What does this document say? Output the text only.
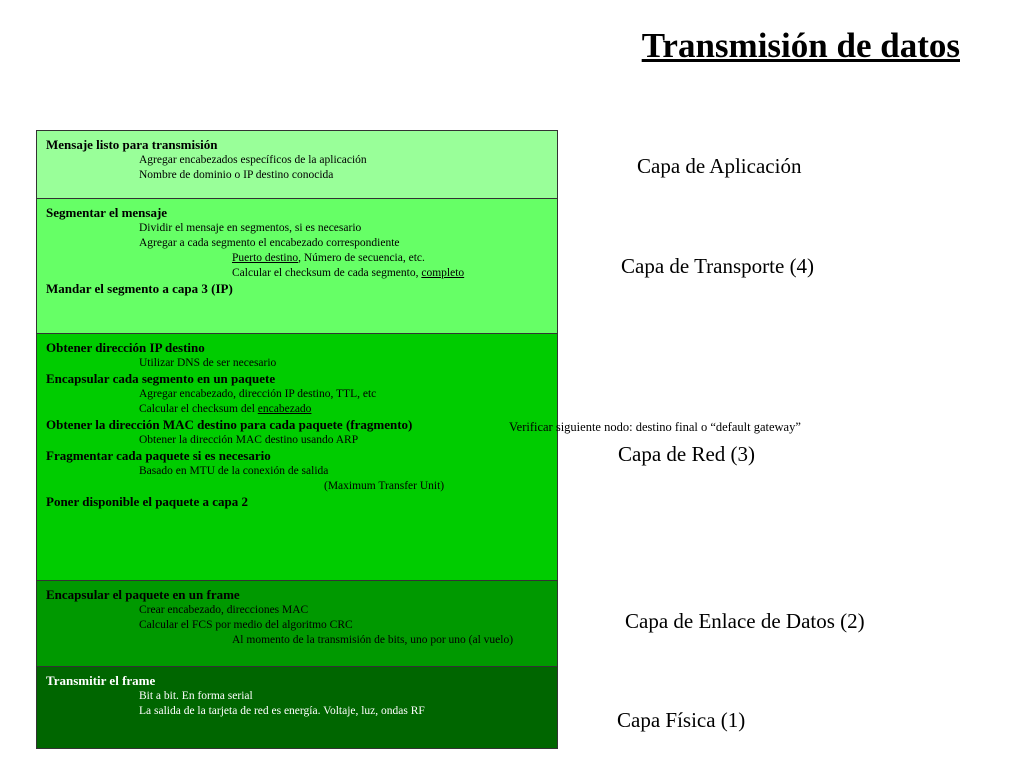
Transmisión de datos
Mensaje listo para transmisión
Agregar encabezados específicos de la aplicación
Nombre de dominio o IP destino conocida
Segmentar el mensaje
Dividir el mensaje en segmentos, si es necesario
Agregar a cada segmento el encabezado correspondiente
Puerto destino, Número de secuencia, etc.
Calcular el checksum de cada segmento, completo
Mandar el segmento a capa 3 (IP)
Obtener dirección IP destino
Utilizar DNS de ser necesario
Encapsular cada segmento en un paquete
Agregar encabezado, dirección IP destino, TTL, etc
Calcular el checksum del encabezado
Obtener la dirección MAC destino para cada paquete (fragmento)
Obtener la dirección MAC destino usando ARP
Fragmentar cada paquete si es necesario
Basado en MTU de la conexión de salida
(Maximum Transfer Unit)
Poner disponible el paquete a capa 2
Encapsular el paquete en un frame
Crear encabezado, direcciones MAC
Calcular el FCS por medio del algoritmo CRC
Al momento de la transmisión de bits, uno por uno (al vuelo)
Transmitir el frame
Bit a bit. En forma serial
La salida de la tarjeta de red es energía. Voltaje, luz, ondas RF
Verificar siguiente nodo: destino final o “default gateway”
Capa de Aplicación
Capa de Transporte (4)
Capa de Red (3)
Capa de Enlace de Datos (2)
Capa Física (1)
